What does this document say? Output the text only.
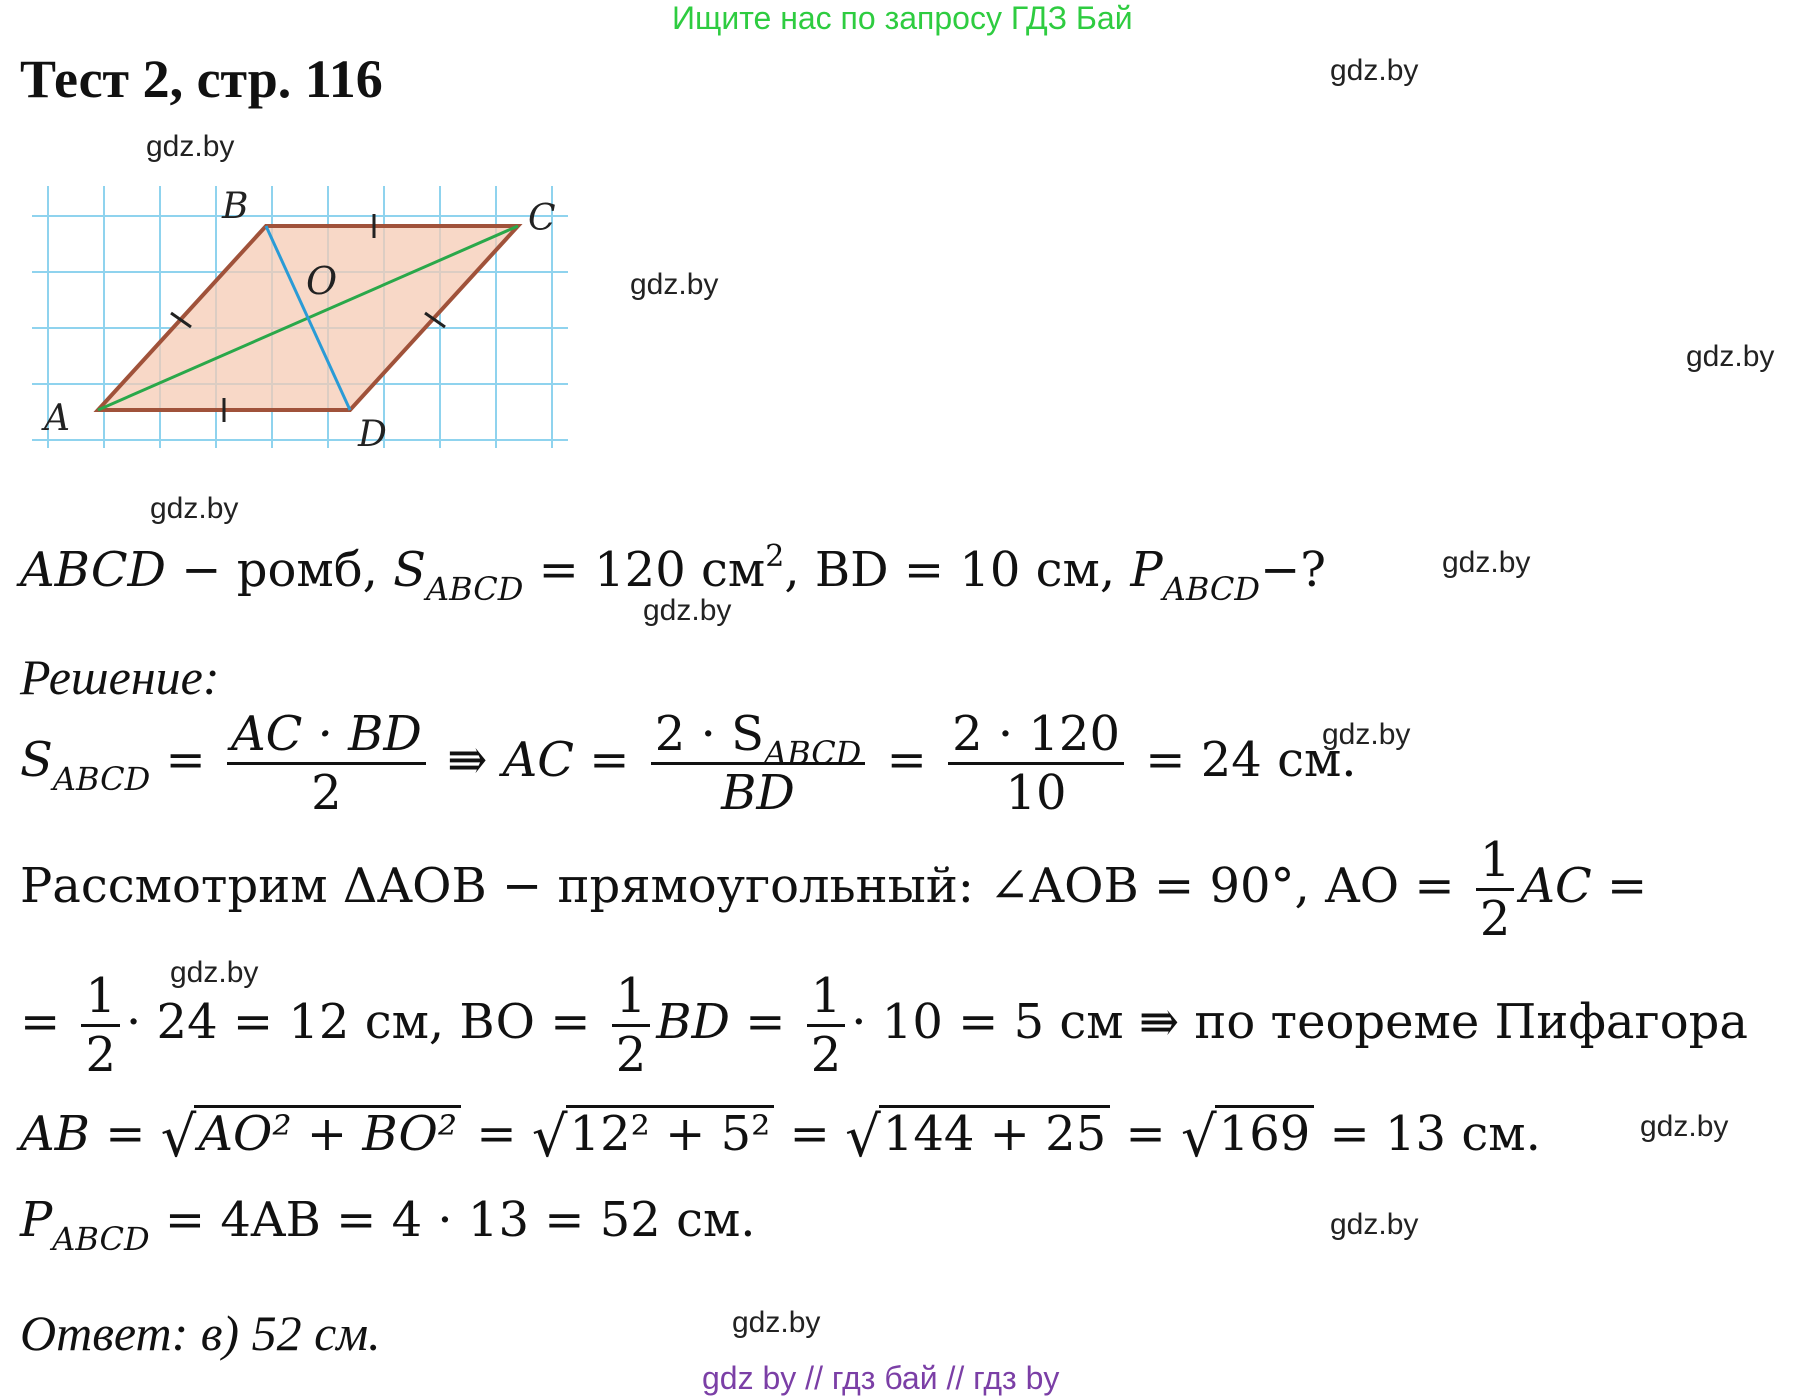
Ищите нас по запросу ГДЗ Бай
Тест 2, стр. 116	gdz.by
gdz.by
gdz.by
gdz.by
gdz.by
gdz.by
gdz.by
gdz.by
gdz.by
gdz.by
gdz.by
gdz.by
A
B	C
D
O
ABCD − ромб, $S_{ABCD} = 120$ $см^2$, BD = 10 см, $P_{ABCD}-$?
Решение:
$S_{ABCD} = \frac{AC \cdot BD}{2}$ ⇛ AC = $\frac{2 \cdot S_{ABCD}}{BD} = \frac{2 \cdot 120}{10} = 24$ см.
Рассмотрим ΔAOB − прямоугольный: ∠AOB = 90°, AO = $\frac{1}{2}$ AC =
= $\frac{1}{2} \cdot 24 = 12$ см, BO = $\frac{1}{2}$ BD = $\frac{1}{2} \cdot 10 = 5$ см ⇛ по теореме Пифагора
AB = √AO² + BO² = √12² + 5² = √144 + 25 = √169 = 13 см.
$P_{ABCD} = 4AB = 4 \cdot 13 = 52$ см.
Ответ: в) 52 см.
gdz by // гдз бай // гдз by
